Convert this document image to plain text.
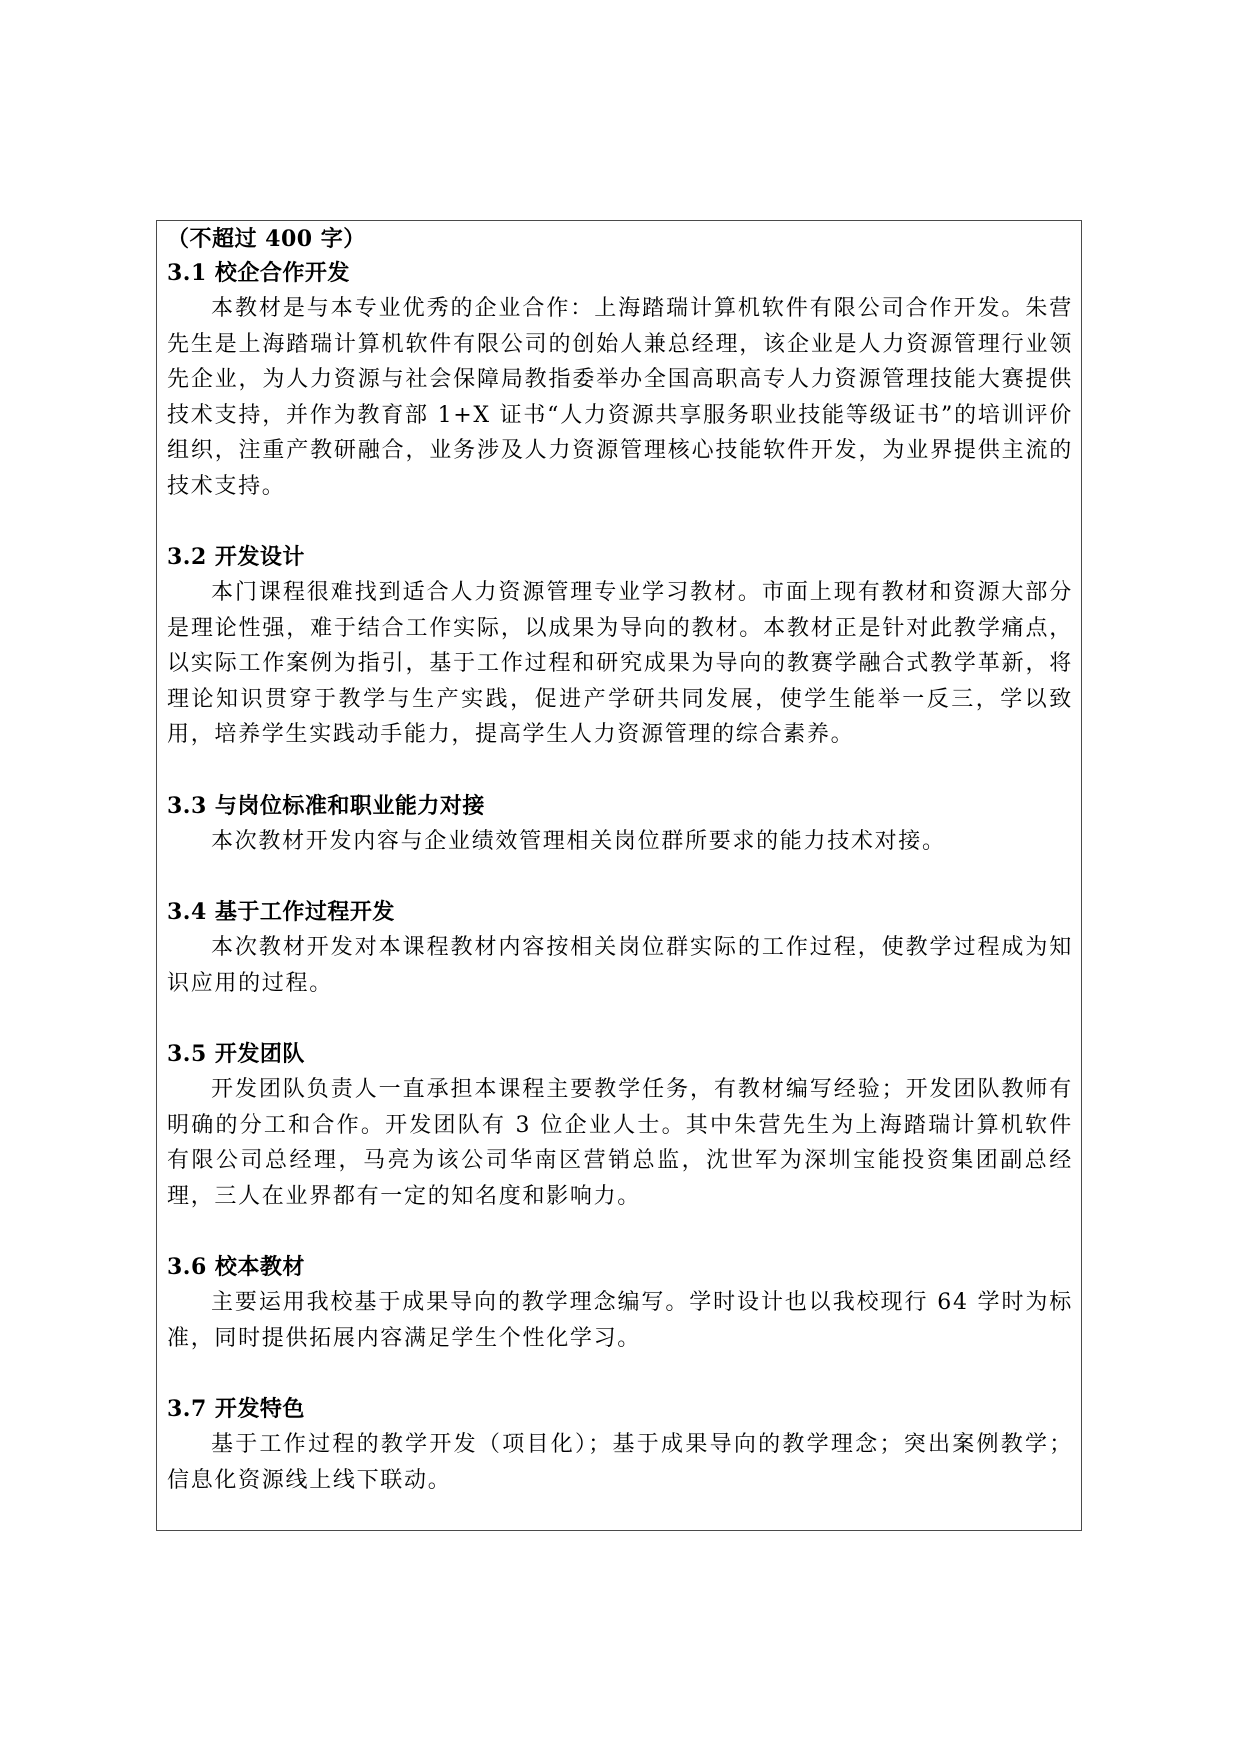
（不超过 400 字）
3.1 校企合作开发

本教材是与本专业优秀的企业合作：上海踏瑞计算机软件有限公司合作开发。朱营先生是上海踏瑞计算机软件有限公司的创始人兼总经理，该企业是人力资源管理行业领先企业，为人力资源与社会保障局教指委举办全国高职高专人力资源管理技能大赛提供技术支持，并作为教育部 1+X 证书“人力资源共享服务职业技能等级证书”的培训评价组织，注重产教研融合，业务涉及人力资源管理核心技能软件开发，为业界提供主流的技术支持。

3.2 开发设计

本门课程很难找到适合人力资源管理专业学习教材。市面上现有教材和资源大部分是理论性强，难于结合工作实际，以成果为导向的教材。本教材正是针对此教学痛点，以实际工作案例为指引，基于工作过程和研究成果为导向的教赛学融合式教学革新，将理论知识贯穿于教学与生产实践，促进产学研共同发展，使学生能举一反三，学以致用，培养学生实践动手能力，提高学生人力资源管理的综合素养。

3.3 与岗位标准和职业能力对接

本次教材开发内容与企业绩效管理相关岗位群所要求的能力技术对接。

3.4 基于工作过程开发

本次教材开发对本课程教材内容按相关岗位群实际的工作过程，使教学过程成为知识应用的过程。

3.5 开发团队

开发团队负责人一直承担本课程主要教学任务，有教材编写经验；开发团队教师有明确的分工和合作。开发团队有 3 位企业人士。其中朱营先生为上海踏瑞计算机软件有限公司总经理，马亮为该公司华南区营销总监，沈世军为深圳宝能投资集团副总经理，三人在业界都有一定的知名度和影响力。

3.6 校本教材

主要运用我校基于成果导向的教学理念编写。学时设计也以我校现行 64 学时为标准，同时提供拓展内容满足学生个性化学习。

3.7 开发特色

基于工作过程的教学开发（项目化）；基于成果导向的教学理念；突出案例教学；信息化资源线上线下联动。
